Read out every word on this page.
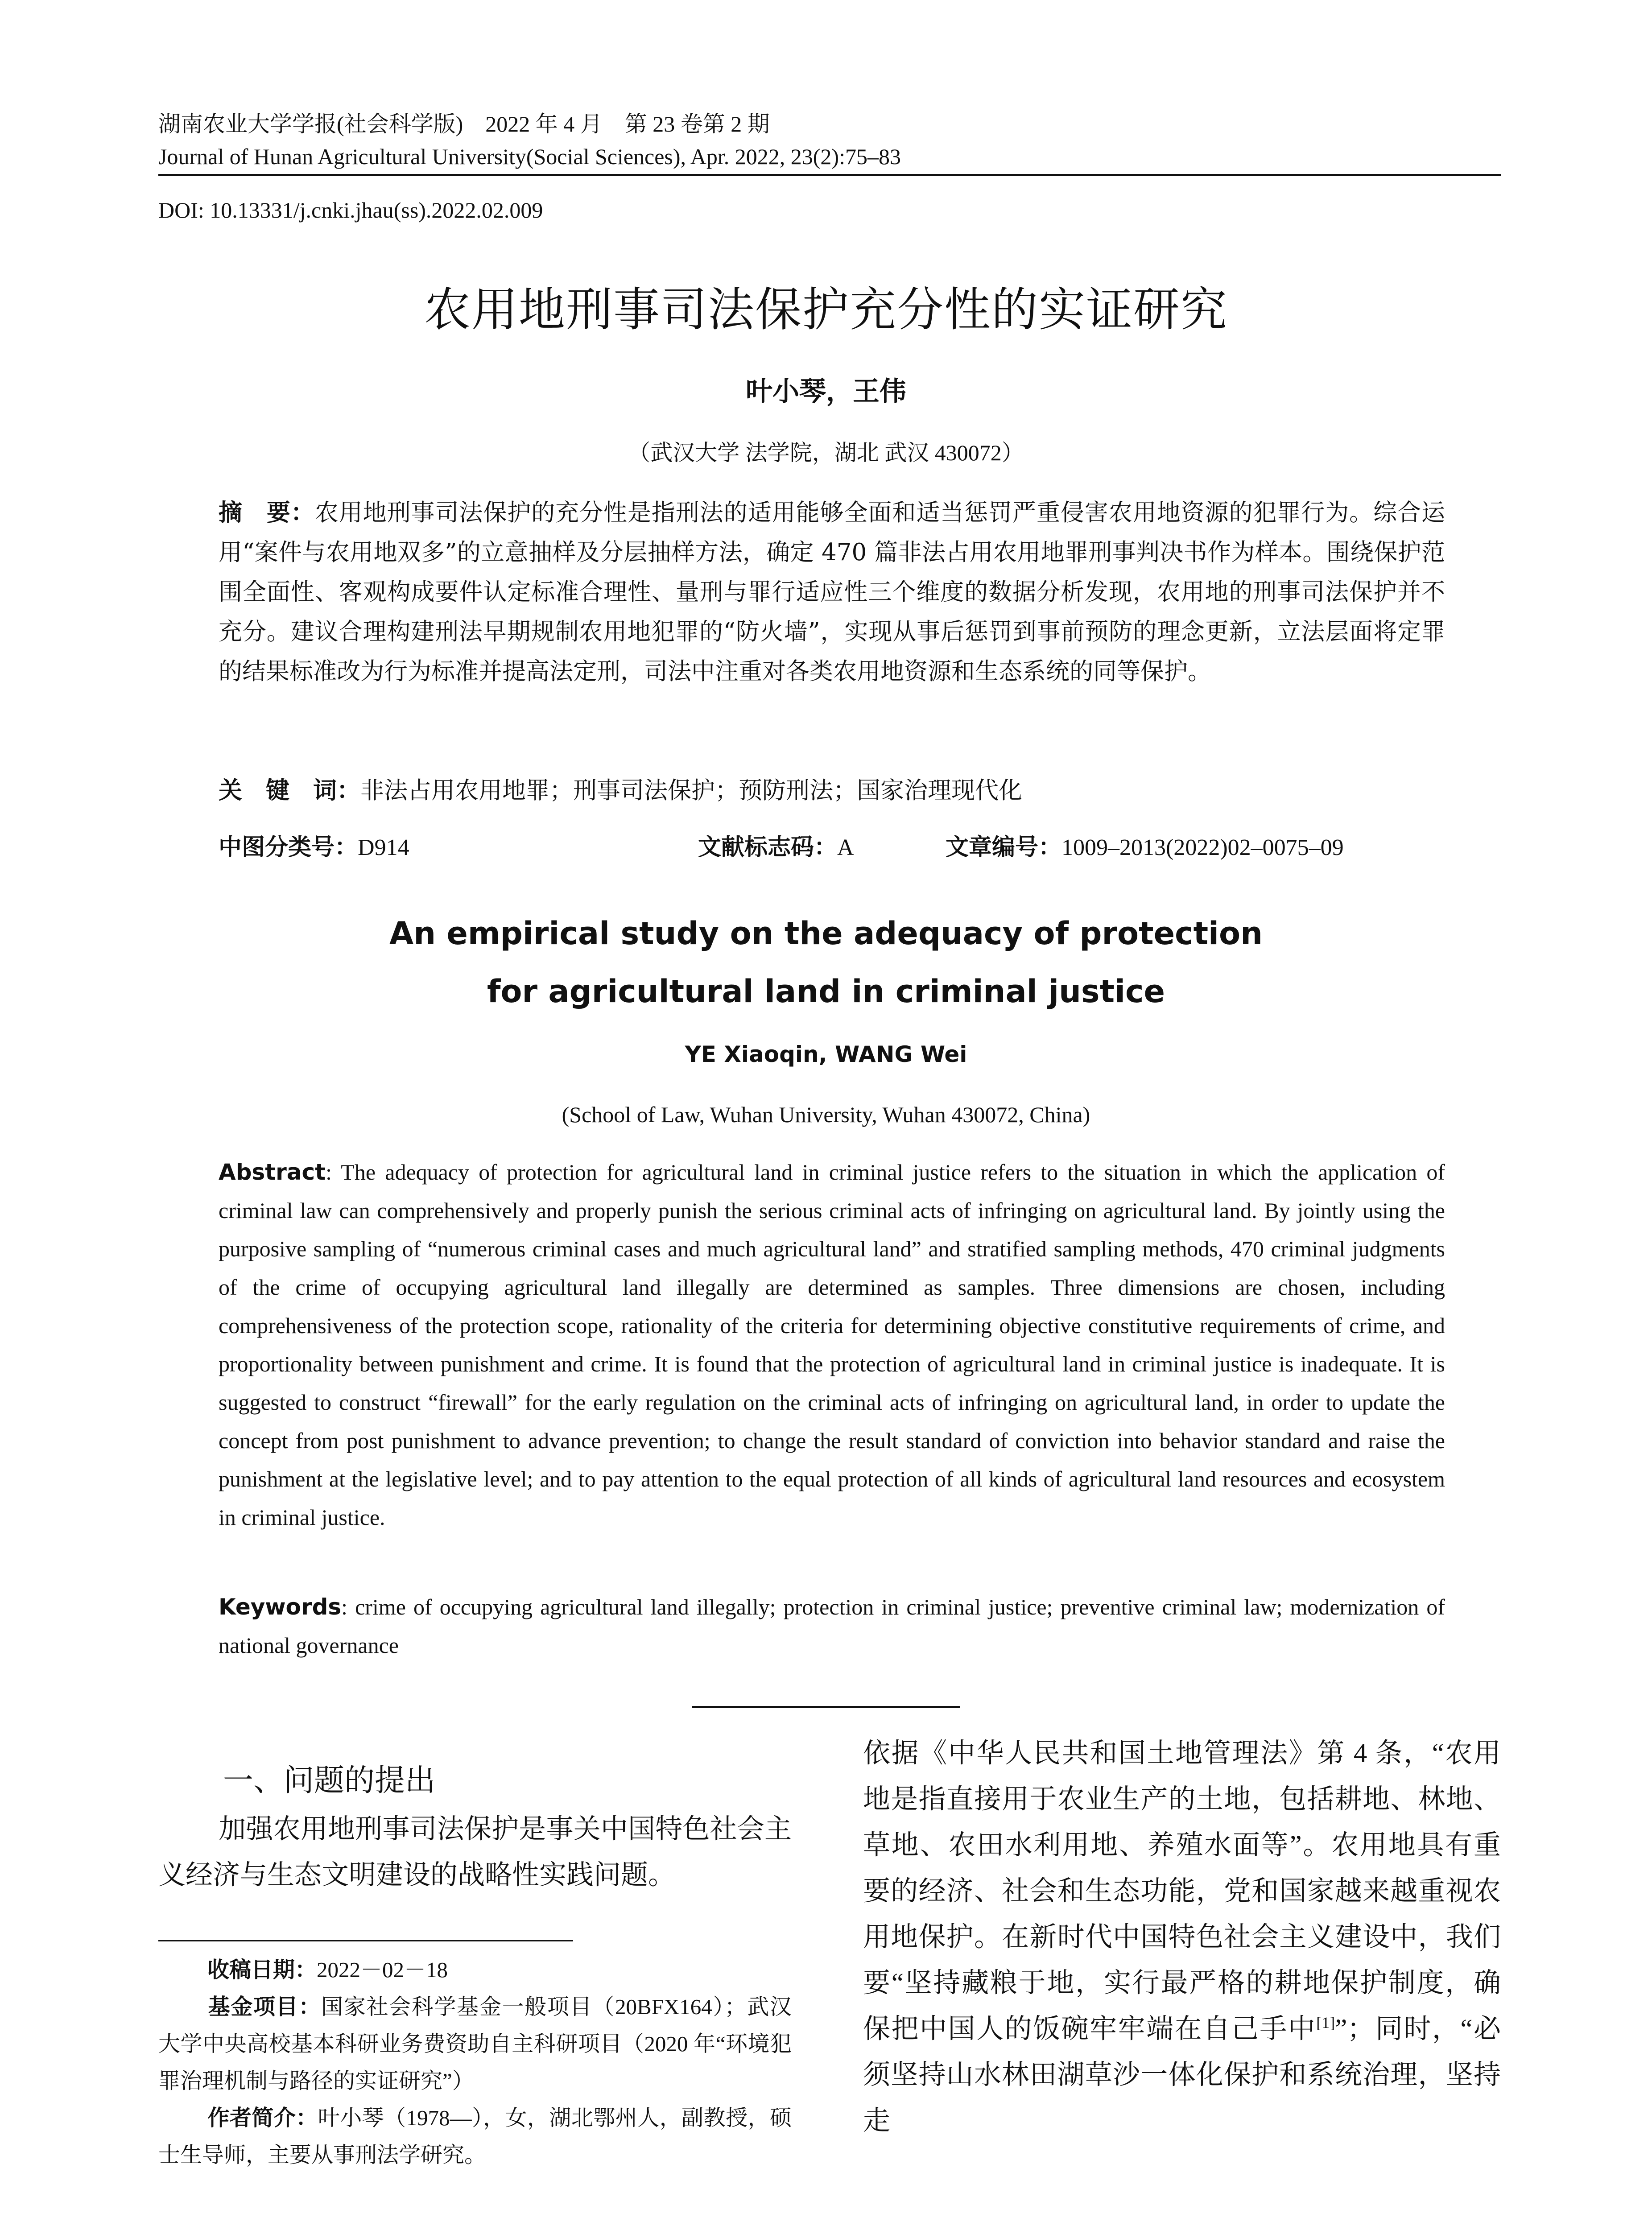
湖南农业大学学报(社会科学版)　2022 年 4 月　第 23 卷第 2 期
Journal of Hunan Agricultural University(Social Sciences), Apr. 2022, 23(2):75–83
DOI: 10.13331/j.cnki.jhau(ss).2022.02.009
农用地刑事司法保护充分性的实证研究
叶小琴，王伟
（武汉大学 法学院，湖北 武汉 430072）
摘　要：农用地刑事司法保护的充分性是指刑法的适用能够全面和适当惩罚严重侵害农用地资源的犯罪行为。综合运用“案件与农用地双多”的立意抽样及分层抽样方法，确定 470 篇非法占用农用地罪刑事判决书作为样本。围绕保护范围全面性、客观构成要件认定标准合理性、量刑与罪行适应性三个维度的数据分析发现，农用地的刑事司法保护并不充分。建议合理构建刑法早期规制农用地犯罪的“防火墙”，实现从事后惩罚到事前预防的理念更新，立法层面将定罪的结果标准改为行为标准并提高法定刑，司法中注重对各类农用地资源和生态系统的同等保护。
关　键　词：非法占用农用地罪；刑事司法保护；预防刑法；国家治理现代化
中图分类号：D914	文献标志码：A	文章编号：1009–2013(2022)02–0075–09
An empirical study on the adequacy of protection
for agricultural land in criminal justice
YE Xiaoqin, WANG Wei
(School of Law, Wuhan University, Wuhan 430072, China)
Abstract: The adequacy of protection for agricultural land in criminal justice refers to the situation in which the application of criminal law can comprehensively and properly punish the serious criminal acts of infringing on agricultural land. By jointly using the purposive sampling of “numerous criminal cases and much agricultural land” and stratified sampling methods, 470 criminal judgments of the crime of occupying agricultural land illegally are determined as samples. Three dimensions are chosen, including comprehensiveness of the protection scope, rationality of the criteria for determining objective constitutive requirements of crime, and proportionality between punishment and crime. It is found that the protection of agricultural land in criminal justice is inadequate. It is suggested to construct “firewall” for the early regulation on the criminal acts of infringing on agricultural land, in order to update the concept from post punishment to advance prevention; to change the result standard of conviction into behavior standard and raise the punishment at the legislative level; and to pay attention to the equal protection of all kinds of agricultural land resources and ecosystem in criminal justice.
Keywords: crime of occupying agricultural land illegally; protection in criminal justice; preventive criminal law; modernization of national governance
一、问题的提出
加强农用地刑事司法保护是事关中国特色社会主义经济与生态文明建设的战略性实践问题。

收稿日期：2022－02－18

基金项目：国家社会科学基金一般项目（20BFX164）；武汉大学中央高校基本科研业务费资助自主科研项目（2020 年“环境犯罪治理机制与路径的实证研究”）

作者简介：叶小琴（1978—），女，湖北鄂州人，副教授，硕士生导师，主要从事刑法学研究。

依据《中华人民共和国土地管理法》第 4 条，“农用地是指直接用于农业生产的土地，包括耕地、林地、草地、农田水利用地、养殖水面等”。农用地具有重要的经济、社会和生态功能，党和国家越来越重视农用地保护。在新时代中国特色社会主义建设中，我们要“坚持藏粮于地，实行最严格的耕地保护制度，确保把中国人的饭碗牢牢端在自己手中[1]”；同时，“必须坚持山水林田湖草沙一体化保护和系统治理，坚持走
